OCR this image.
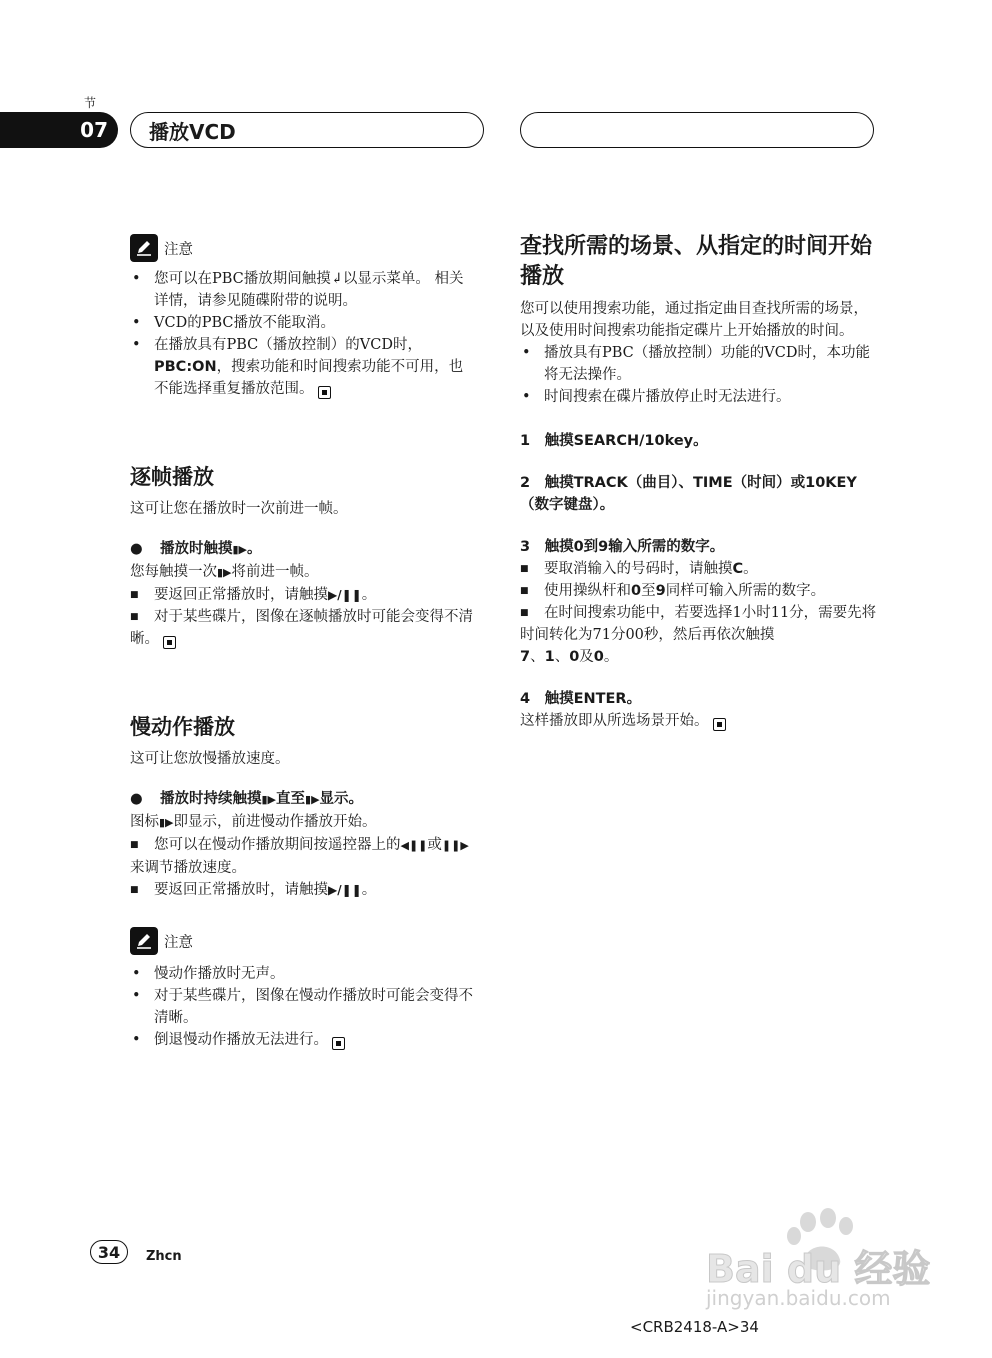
节
07	播放VCD
注意
• 您可以在PBC播放期间触摸↲以显示菜单。 相关详情，请参见随碟附带的说明。
• VCD的PBC播放不能取消。
• 在播放具有PBC（播放控制）的VCD时，
PBC:ON，搜索功能和时间搜索功能不可用，也不能选择重复播放范围。
逐帧播放

这可让您在播放时一次前进一帧。

●	播放时触摸▮▶。

您每触摸一次▮▶将前进一帧。

■ 要返回正常播放时，请触摸▶/❚❚。
■ 对于某些碟片，图像在逐帧播放时可能会变得不清晰。
慢动作播放

这可让您放慢播放速度。

●	播放时持续触摸▮▶直至▮▶显示。

图标▮▶即显示，前进慢动作播放开始。

■ 您可以在慢动作播放期间按遥控器上的◀❚❚或❚❚▶来调节播放速度。
■ 要返回正常播放时，请触摸▶/❚❚。
注意
• 慢动作播放时无声。
• 对于某些碟片，图像在慢动作播放时可能会变得不清晰。
• 倒退慢动作播放无法进行。
查找所需的场景、从指定的时间开始播放

您可以使用搜索功能，通过指定曲目查找所需的场景，以及使用时间搜索功能指定碟片上开始播放的时间。

• 播放具有PBC（播放控制）功能的VCD时，本功能将无法操作。
• 时间搜索在碟片播放停止时无法进行。

1　触摸SEARCH/10key。

2　触摸TRACK（曲目）、TIME（时间）或10KEY（数字键盘）。

3　触摸0到9输入所需的数字。

■ 要取消输入的号码时，请触摸C。
■ 使用操纵杆和0至9同样可输入所需的数字。
■ 在时间搜索功能中，若要选择1小时11分，需要先将时间转化为71分00秒，然后再依次触摸
7、1、0及0。

4　触摸ENTER。

这样播放即从所选场景开始。

34	Zhcn	Bai du 经验
jingyan.baidu.com
<CRB2418-A>34
